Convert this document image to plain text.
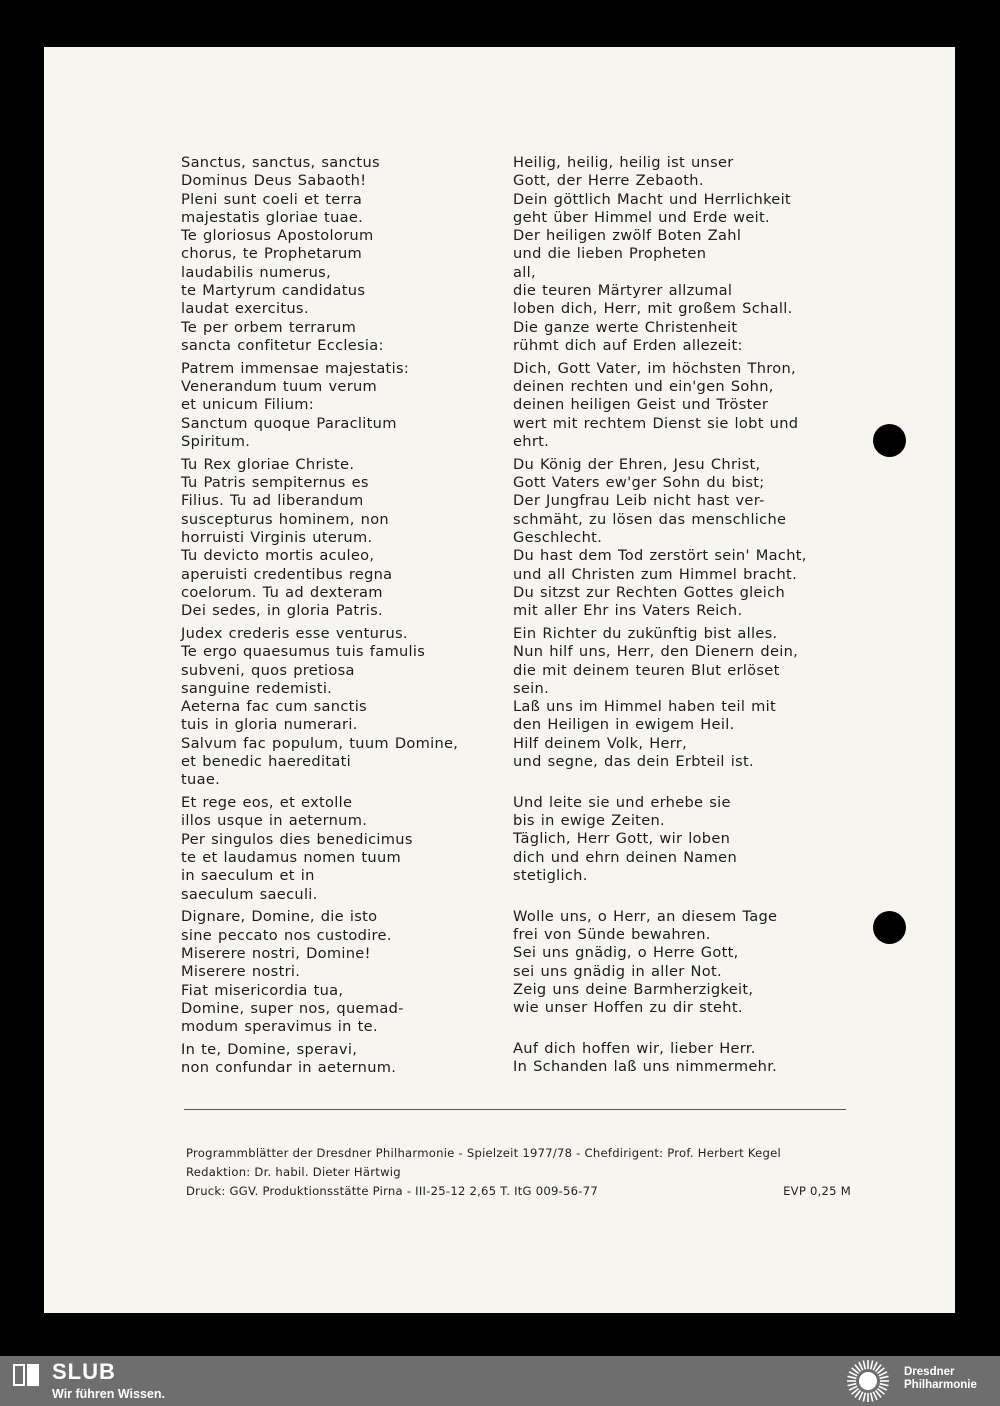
Sanctus, sanctus, sanctus
Dominus Deus Sabaoth!
Pleni sunt coeli et terra
majestatis gloriae tuae.
Te gloriosus Apostolorum
chorus, te Prophetarum
laudabilis numerus,
te Martyrum candidatus
laudat exercitus.
Te per orbem terrarum
sancta confitetur Ecclesia:
Patrem immensae majestatis:
Venerandum tuum verum
et unicum Filium:
Sanctum quoque Paraclitum
Spiritum.
Tu Rex gloriae Christe.
Tu Patris sempiternus es
Filius. Tu ad liberandum
suscepturus hominem, non
horruisti Virginis uterum.
Tu devicto mortis aculeo,
aperuisti credentibus regna
coelorum. Tu ad dexteram
Dei sedes, in gloria Patris.
Judex crederis esse venturus.
Te ergo quaesumus tuis famulis
subveni, quos pretiosa
sanguine redemisti.
Aeterna fac cum sanctis
tuis in gloria numerari.
Salvum fac populum, tuum Domine,
et benedic haereditati
tuae.
Et rege eos, et extolle
illos usque in aeternum.
Per singulos dies benedicimus
te et laudamus nomen tuum
in saeculum et in
saeculum saeculi.
Dignare, Domine, die isto
sine peccato nos custodire.
Miserere nostri, Domine!
Miserere nostri.
Fiat misericordia tua,
Domine, super nos, quemad-
modum speravimus in te.
In te, Domine, speravi,
non confundar in aeternum.
Heilig, heilig, heilig ist unser
Gott, der Herre Zebaoth.
Dein göttlich Macht und Herrlichkeit
geht über Himmel und Erde weit.
Der heiligen zwölf Boten Zahl
und die lieben Propheten
all,
die teuren Märtyrer allzumal
loben dich, Herr, mit großem Schall.
Die ganze werte Christenheit
rühmt dich auf Erden allezeit:
Dich, Gott Vater, im höchsten Thron,
deinen rechten und ein'gen Sohn,
deinen heiligen Geist und Tröster
wert mit rechtem Dienst sie lobt und
ehrt.
Du König der Ehren, Jesu Christ,
Gott Vaters ew'ger Sohn du bist;
Der Jungfrau Leib nicht hast ver-
schmäht, zu lösen das menschliche
Geschlecht.
Du hast dem Tod zerstört sein' Macht,
und all Christen zum Himmel bracht.
Du sitzst zur Rechten Gottes gleich
mit aller Ehr ins Vaters Reich.
Ein Richter du zukünftig bist alles.
Nun hilf uns, Herr, den Dienern dein,
die mit deinem teuren Blut erlöset
sein.
Laß uns im Himmel haben teil mit
den Heiligen in ewigem Heil.
Hilf deinem Volk, Herr,
und segne, das dein Erbteil ist.
Und leite sie und erhebe sie
bis in ewige Zeiten.
Täglich, Herr Gott, wir loben
dich und ehrn deinen Namen
stetiglich.
Wolle uns, o Herr, an diesem Tage
frei von Sünde bewahren.
Sei uns gnädig, o Herre Gott,
sei uns gnädig in aller Not.
Zeig uns deine Barmherzigkeit,
wie unser Hoffen zu dir steht.
Auf dich hoffen wir, lieber Herr.
In Schanden laß uns nimmermehr.
Programmblätter der Dresdner Philharmonie - Spielzeit 1977/78 - Chefdirigent: Prof. Herbert Kegel
Redaktion: Dr. habil. Dieter Härtwig
Druck: GGV. Produktionsstätte Pirna - III-25-12 2,65 T. ItG 009-56-77	EVP 0,25 M
SLUB
Wir führen Wissen.
Dresdner
Philharmonie
